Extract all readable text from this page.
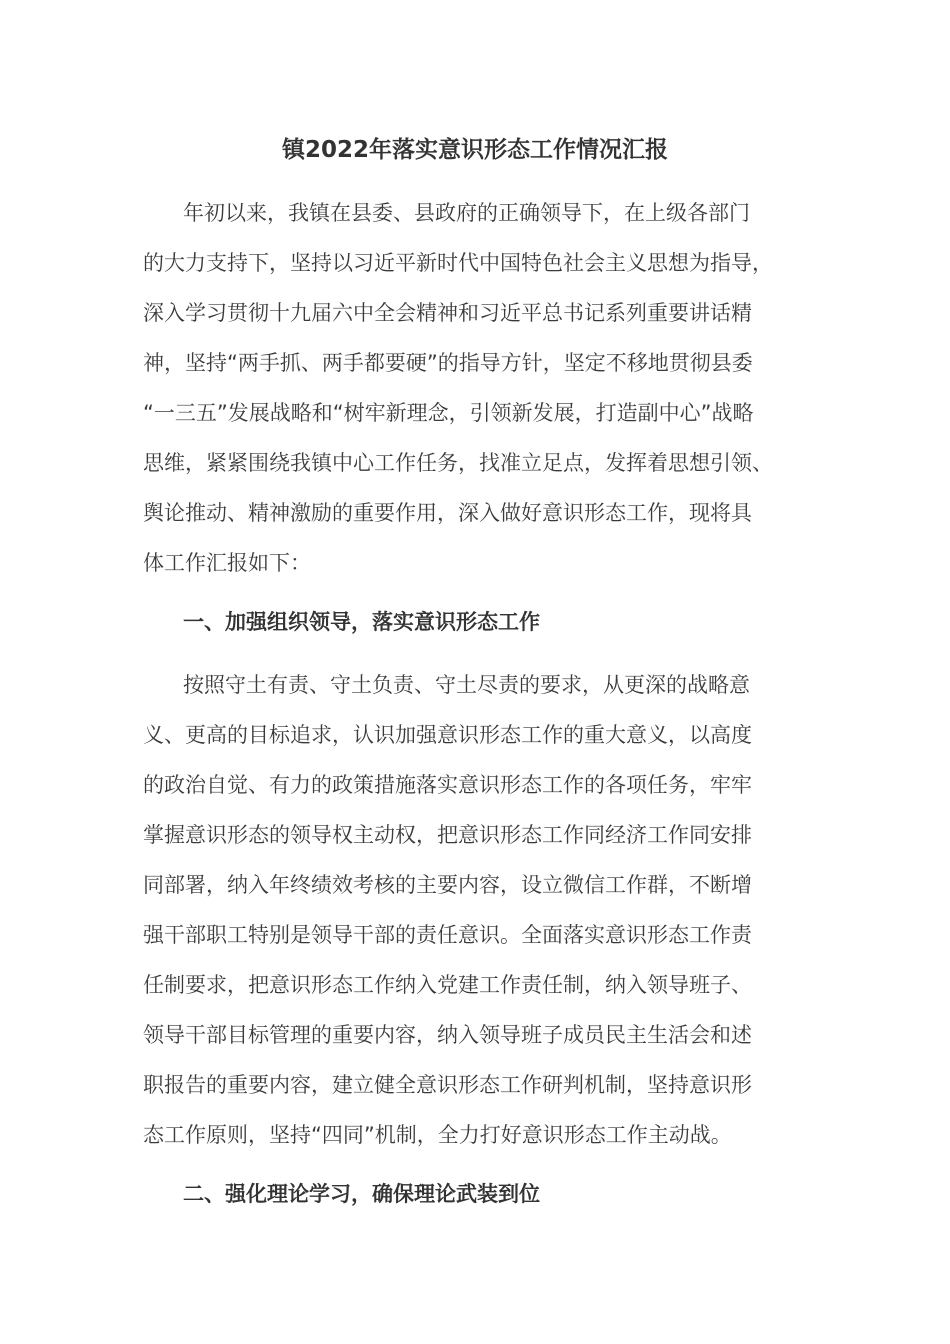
镇2022年落实意识形态工作情况汇报
年初以来，我镇在县委、县政府的正确领导下，在上级各部门
的大力支持下，坚持以习近平新时代中国特色社会主义思想为指导，
深入学习贯彻十九届六中全会精神和习近平总书记系列重要讲话精
神，坚持“两手抓、两手都要硬”的指导方针，坚定不移地贯彻县委
“一三五”发展战略和“树牢新理念，引领新发展，打造副中心”战略
思维，紧紧围绕我镇中心工作任务，找准立足点，发挥着思想引领、
舆论推动、精神激励的重要作用，深入做好意识形态工作，现将具
体工作汇报如下：
一、加强组织领导，落实意识形态工作
按照守土有责、守土负责、守土尽责的要求，从更深的战略意
义、更高的目标追求，认识加强意识形态工作的重大意义，以高度
的政治自觉、有力的政策措施落实意识形态工作的各项任务，牢牢
掌握意识形态的领导权主动权，把意识形态工作同经济工作同安排
同部署，纳入年终绩效考核的主要内容，设立微信工作群，不断增
强干部职工特别是领导干部的责任意识。全面落实意识形态工作责
任制要求，把意识形态工作纳入党建工作责任制，纳入领导班子、
领导干部目标管理的重要内容，纳入领导班子成员民主生活会和述
职报告的重要内容，建立健全意识形态工作研判机制，坚持意识形
态工作原则，坚持“四同”机制，全力打好意识形态工作主动战。
二、强化理论学习，确保理论武装到位
